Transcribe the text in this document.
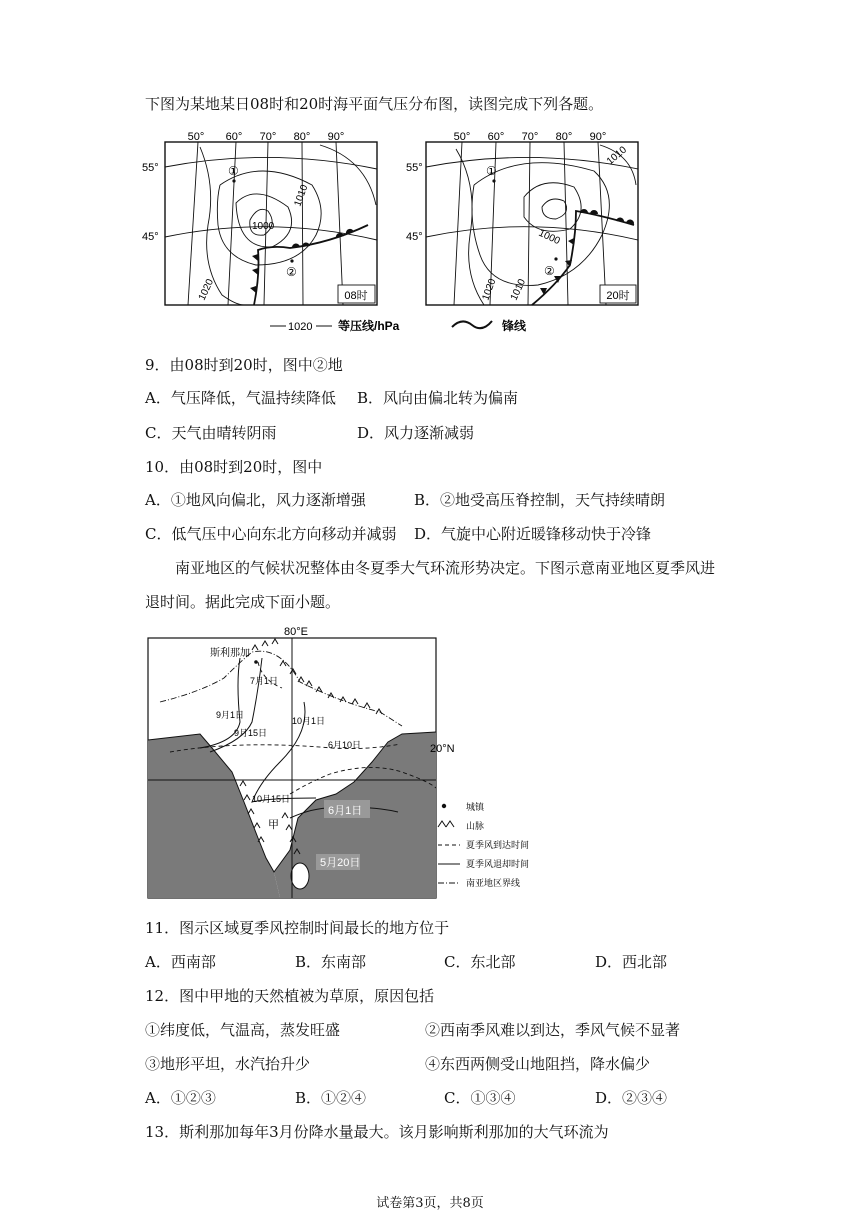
下图为某地某日08时和20时海平面气压分布图，读图完成下列各题。
50° 60° 70° 80° 90°	50° 60° 70° 80° 90°
55°
45°
55°
45°
①
②
1000
1010
1020	08时
①
②
1010
1000
1010
1020	20时
1020 等压线/hPa	锋线
9．由08时到20时，图中②地
A．气压降低，气温持续降低 B．风向由偏北转为偏南
C．天气由晴转阴雨	D．风力逐渐减弱
10．由08时到20时，图中
A．①地风向偏北，风力逐渐增强	B．②地受高压脊控制，天气持续晴朗
C．低气压中心向东北方向移动并减弱 D．气旋中心附近暖锋移动快于冷锋
南亚地区的气候状况整体由冬夏季大气环流形势决定。下图示意南亚地区夏季风进
退时间。据此完成下面小题。
80°E
20°N
斯利那加
7月1日
9月1日
9月15日
10月1日
6月10日
10月15日
6月1日
5月20日
甲
城镇
山脉
夏季风到达时间
夏季风退却时间
南亚地区界线
11．图示区域夏季风控制时间最长的地方位于
A．西南部	B．东南部	C．东北部	D．西北部
12．图中甲地的天然植被为草原，原因包括
①纬度低，气温高，蒸发旺盛	②西南季风难以到达，季风气候不显著
③地形平坦，水汽抬升少	④东西两侧受山地阻挡，降水偏少
A．①②③	B．①②④	C．①③④	D．②③④
13．斯利那加每年3月份降水量最大。该月影响斯利那加的大气环流为
试卷第3页，共8页
